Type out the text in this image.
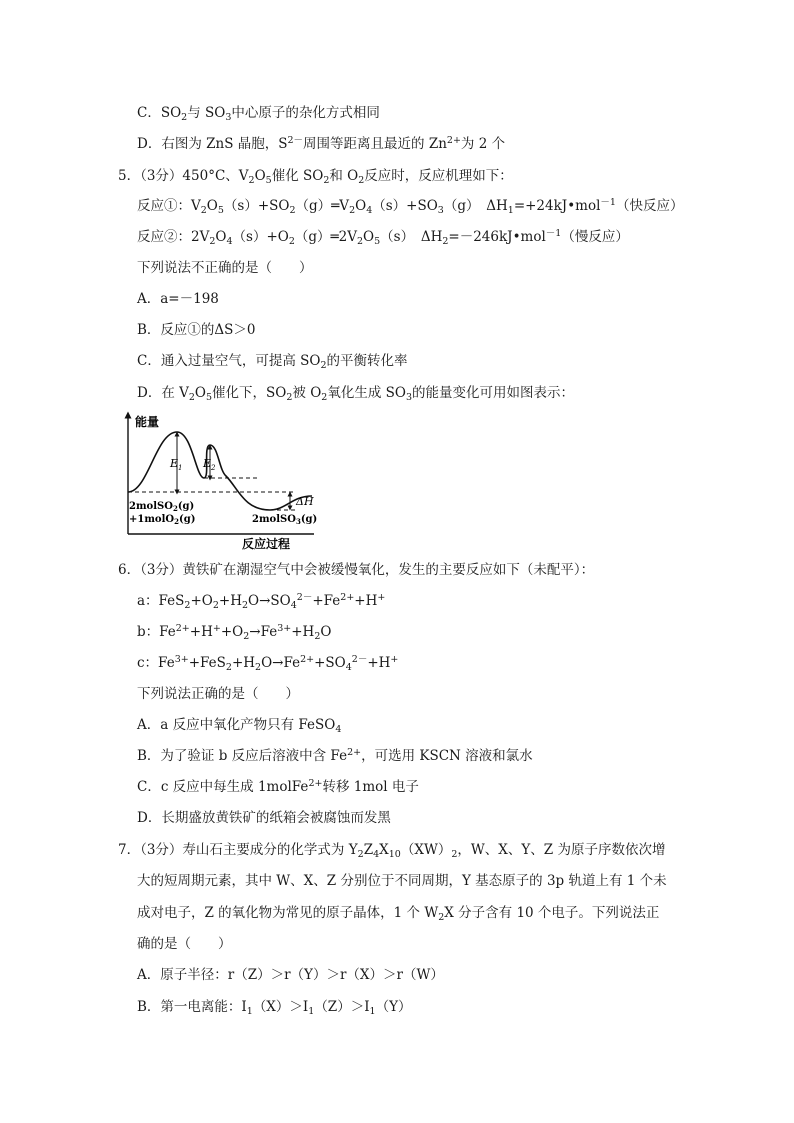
C．$SO_2$与 $SO_3$中心原子的杂化方式相同
D．右图为 ZnS 晶胞，$S^{2-}$周围等距离且最近的 $Zn^{2+}$为 2 个
5．（3分）450°C、$V_2O_5$催化 $SO_2$和 $O_2$反应时，反应机理如下：
反应①：$V_2O_5(s)+SO_2(g)═V_2O_4(s)+SO_3(g)$　$\Delta H_1=+24kJ•mol^{-1}$（快反应）
反应②：$2V_2O_4(s)+O_2(g)═2V_2O_5(s)$　$\Delta H_2=-246kJ•mol^{-1}$（慢反应）
下列说法不正确的是（　　）
A．a=－198
B．反应①的ΔS＞0
C．通入过量空气，可提高 $SO_2$的平衡转化率
D．在 $V_2O_5$催化下，$SO_2$被 $O_2$氧化生成 $SO_3$的能量变化可用如图表示：
能量
$E_1$ $E_2$
ΔH
2molSO$_2$(g)
+1molO$_2$(g)	2molSO$_3$(g)
反应过程
6．（3分）黄铁矿在潮湿空气中会被缓慢氧化，发生的主要反应如下（未配平）：
a：$FeS_2+O_2+H_2O\to SO_4^{2-}+Fe^{2+}+H^+$
b：$Fe^{2+}+H^++O_2\to Fe^{3+}+H_2O$
c：$Fe^{3+}+FeS_2+H_2O\to Fe^{2+}+SO_4^{2-}+H^+$
下列说法正确的是（　　）
A．a 反应中氧化产物只有 FeSO$_4$
B．为了验证 b 反应后溶液中含 $Fe^{2+}$，可选用 KSCN 溶液和氯水
C．c 反应中每生成 1molFe$^{2+}$转移 1mol 电子
D．长期盛放黄铁矿的纸箱会被腐蚀而发黑
7．（3分）寿山石主要成分的化学式为 $Y_2Z_4X_{10}(XW)_2$，W、X、Y、Z 为原子序数依次增
大的短周期元素，其中 W、X、Z 分别位于不同周期，Y 基态原子的 3p 轨道上有 1 个未
成对电子，Z 的氧化物为常见的原子晶体，1 个 $W_2X$ 分子含有 10 个电子。下列说法正
确的是（　　）
A．原子半径：r（Z）＞r（Y）＞r（X）＞r（W）
B．第一电离能：$I_1(X)>I_1(Z)>I_1(Y)$
